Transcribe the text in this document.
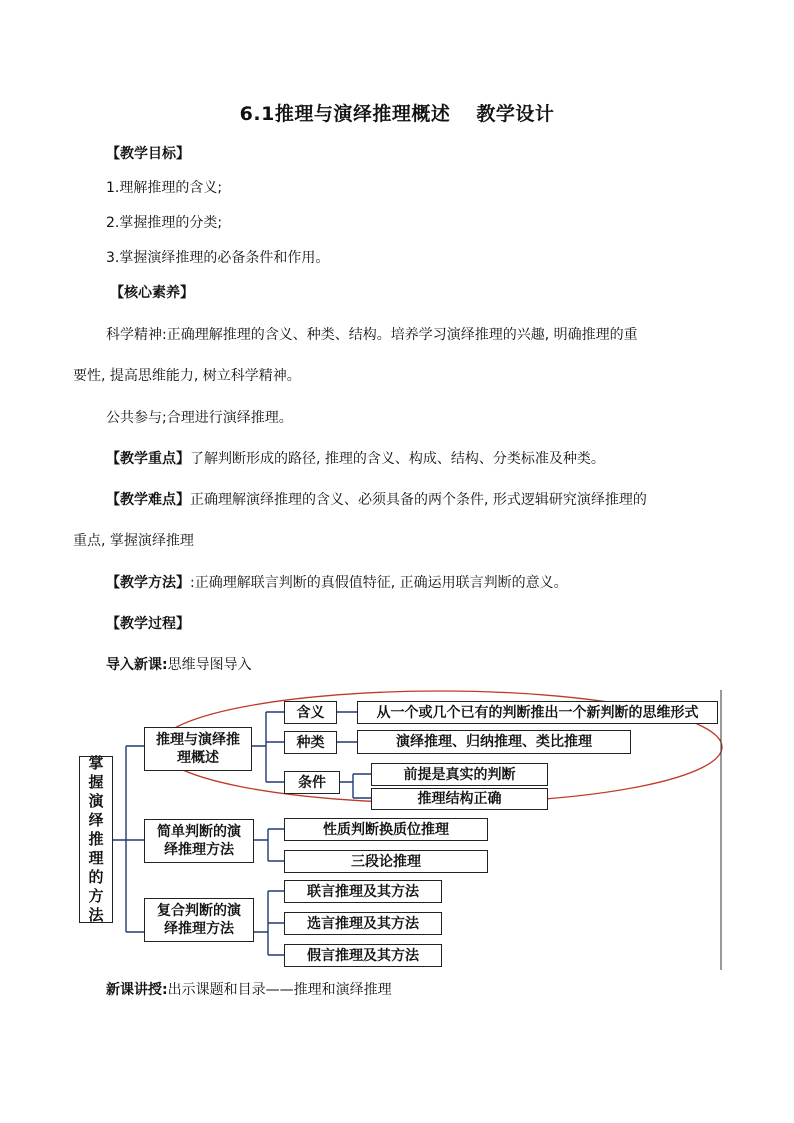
6.1推理与演绎推理概述 教学设计
【教学目标】
1.理解推理的含义;
2.掌握推理的分类;
3.掌握演绎推理的必备条件和作用。
【核心素养】
科学精神:正确理解推理的含义、种类、结构。培养学习演绎推理的兴趣, 明确推理的重
要性, 提高思维能力, 树立科学精神。
公共参与;合理进行演绎推理。
【教学重点】了解判断形成的路径, 推理的含义、构成、结构、分类标准及种类。
【教学难点】正确理解演绎推理的含义、必须具备的两个条件, 形式逻辑研究演绎推理的
重点, 掌握演绎推理
【教学方法】:正确理解联言判断的真假值特征, 正确运用联言判断的意义。
【教学过程】
导入新课:思维导图导入
掌
握
演
绎
推
理
的
方
法
推理与演绎推
理概述
简单判断的演
绎推理方法
复合判断的演
绎推理方法
含义	从一个或几个已有的判断推出一个新判断的思维形式
种类	演绎推理、归纳推理、类比推理
条件	前提是真实的判断
推理结构正确
性质判断换质位推理
三段论推理
联言推理及其方法
选言推理及其方法
假言推理及其方法
新课讲授:出示课题和目录——推理和演绎推理
